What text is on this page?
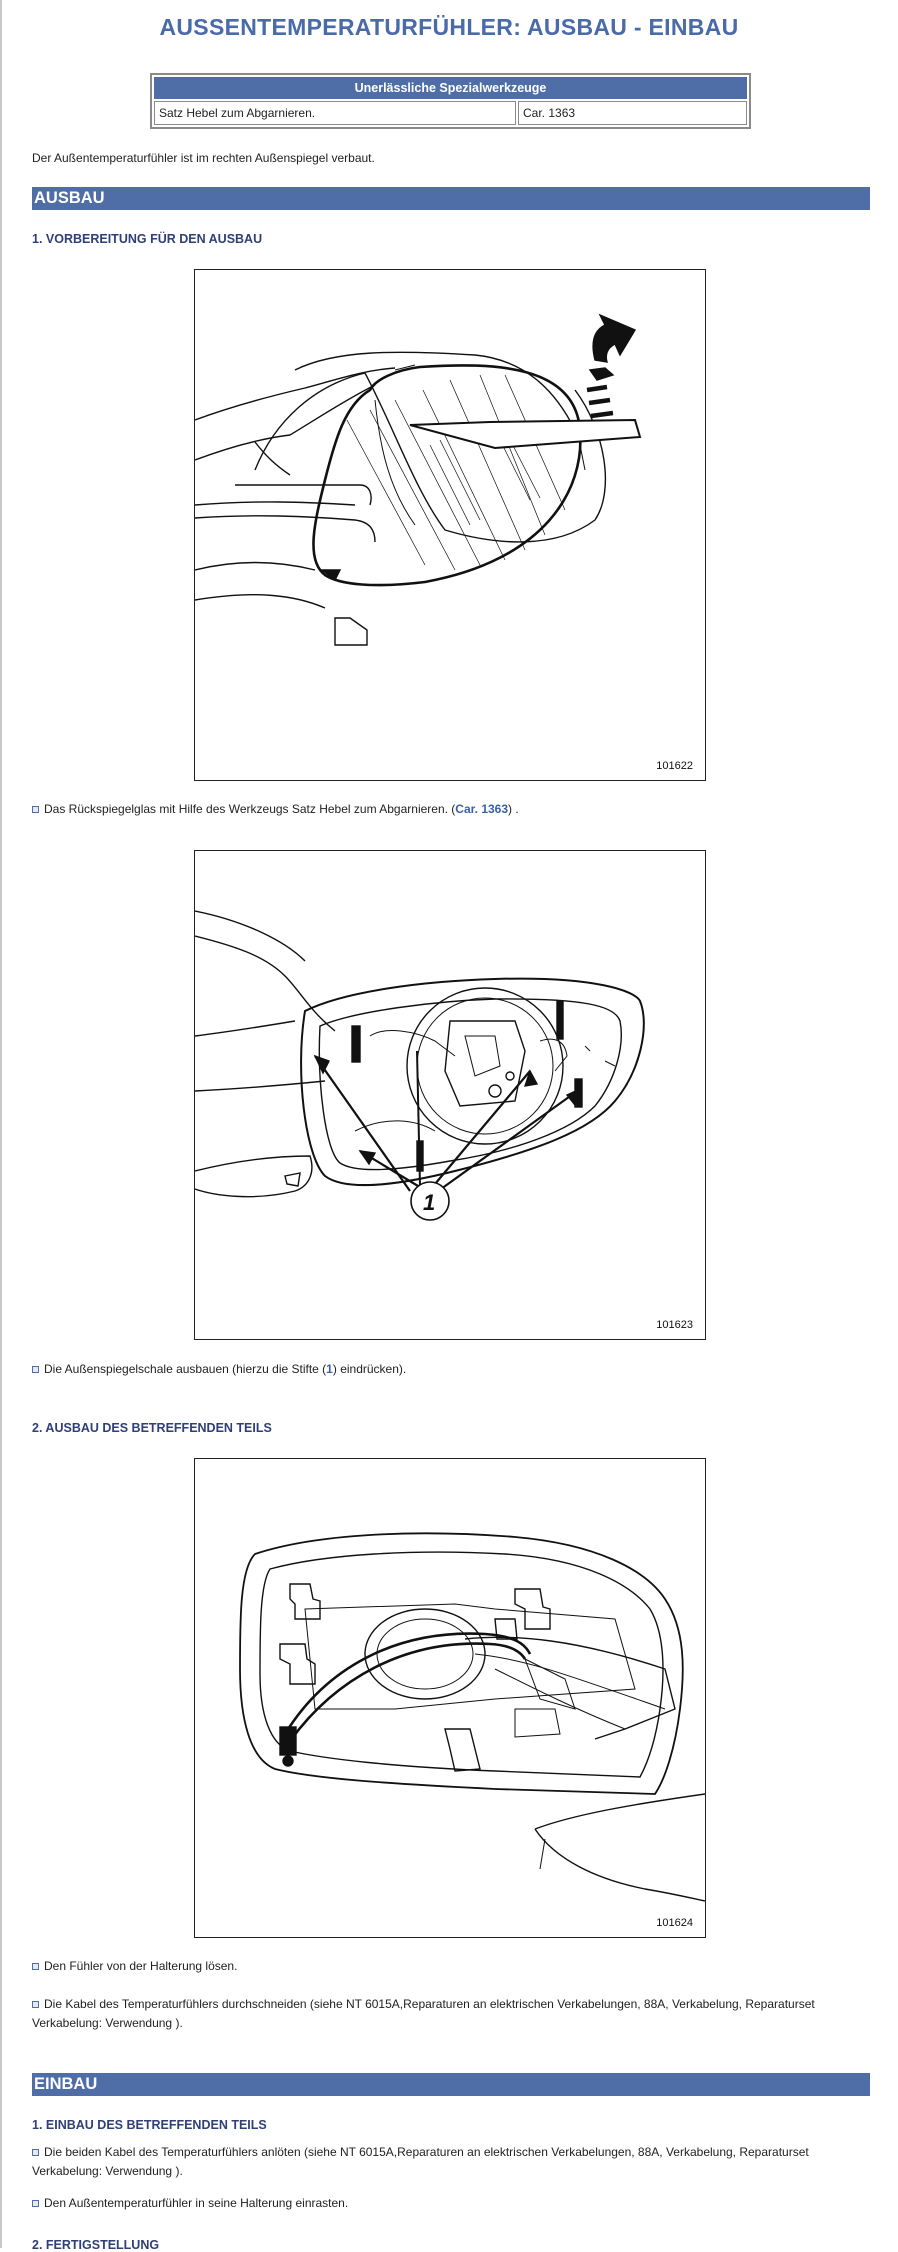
AUSSENTEMPERATURFÜHLER: AUSBAU - EINBAU
Unerlässliche Spezialwerkzeuge
Satz Hebel zum Abgarnieren.	Car. 1363
Der Außentemperaturfühler ist im rechten Außenspiegel verbaut.
AUSBAU
1. VORBEREITUNG FÜR DEN AUSBAU
101622
Das Rückspiegelglas mit Hilfe des Werkzeugs Satz Hebel zum Abgarnieren. (Car. 1363) .
1
101623
Die Außenspiegelschale ausbauen (hierzu die Stifte (1) eindrücken).
2. AUSBAU DES BETREFFENDEN TEILS
101624
Den Fühler von der Halterung lösen.
Die Kabel des Temperaturfühlers durchschneiden (siehe NT 6015A,Reparaturen an elektrischen Verkabelungen, 88A, Verkabelung, Reparaturset Verkabelung: Verwendung ).
EINBAU
1. EINBAU DES BETREFFENDEN TEILS
Die beiden Kabel des Temperaturfühlers anlöten (siehe NT 6015A,Reparaturen an elektrischen Verkabelungen, 88A, Verkabelung, Reparaturset Verkabelung: Verwendung ).
Den Außentemperaturfühler in seine Halterung einrasten.
2. FERTIGSTELLUNG
